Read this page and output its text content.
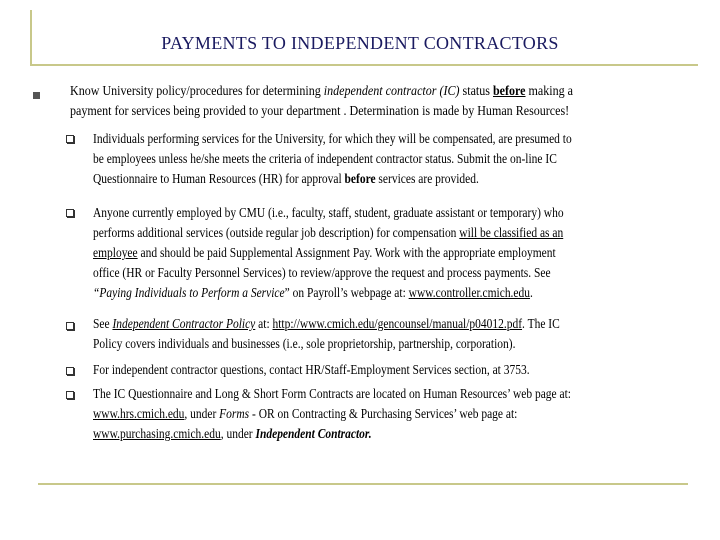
PAYMENTS TO INDEPENDENT CONTRACTORS
Know University policy/procedures for determining independent contractor (IC) status before making a
payment for services being provided to your department . Determination is made by Human Resources!
Individuals performing services for the University, for which they will be compensated, are presumed to
be employees unless he/she meets the criteria of independent contractor status. Submit the on-line IC
Questionnaire to Human Resources (HR) for approval before services are provided.
Anyone currently employed by CMU (i.e., faculty, staff, student, graduate assistant or temporary) who
performs additional services (outside regular job description) for compensation will be classified as an
employee and should be paid Supplemental Assignment Pay. Work with the appropriate employment
office (HR or Faculty Personnel Services) to review/approve the request and process payments. See
“Paying Individuals to Perform a Service” on Payroll’s webpage at: www.controller.cmich.edu.
See Independent Contractor Policy at: http://www.cmich.edu/gencounsel/manual/p04012.pdf. The IC
Policy covers individuals and businesses (i.e., sole proprietorship, partnership, corporation).
For independent contractor questions, contact HR/Staff-Employment Services section, at 3753.
The IC Questionnaire and Long & Short Form Contracts are located on Human Resources’ web page at:
www.hrs.cmich.edu, under Forms - OR on Contracting & Purchasing Services’ web page at:
www.purchasing.cmich.edu, under Independent Contractor.
